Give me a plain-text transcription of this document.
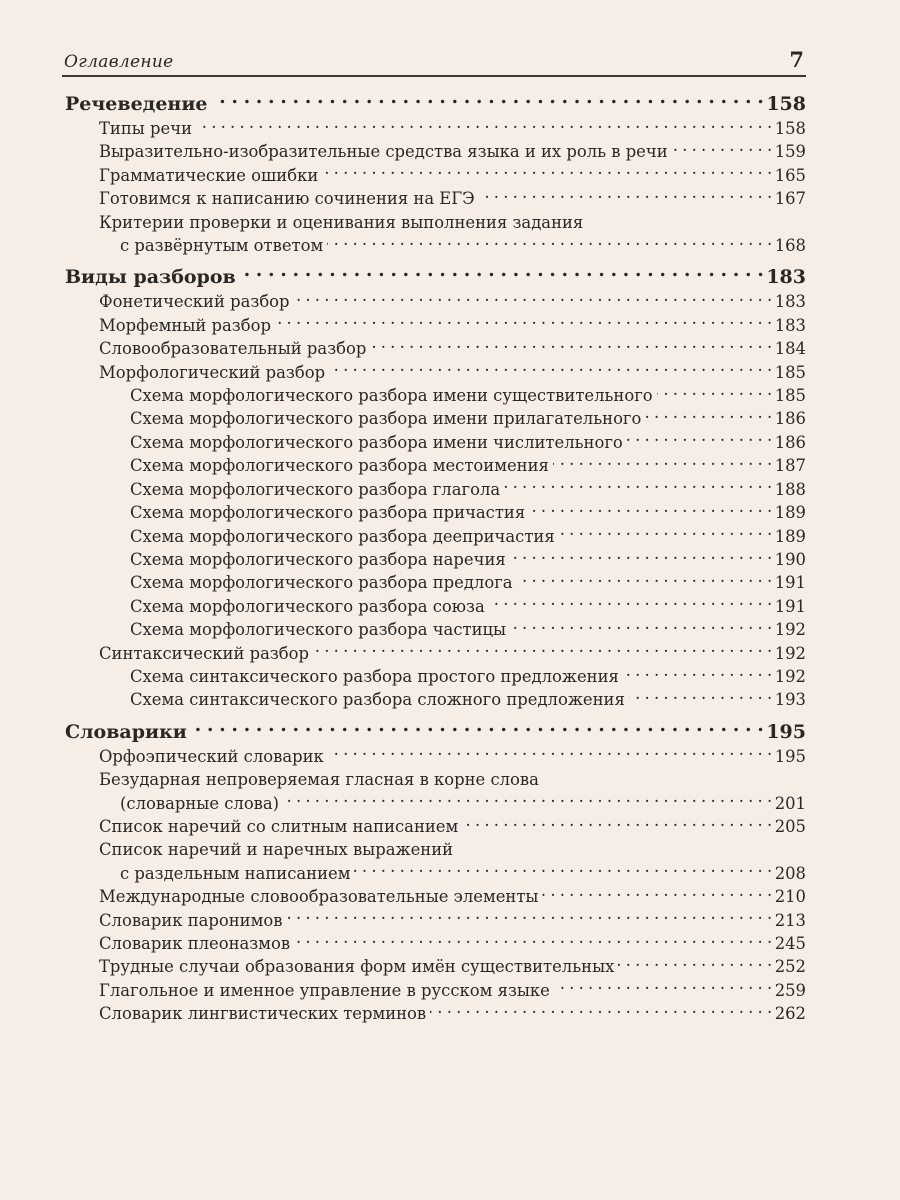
Оглавление	7
Речеведение . . .	158
Типы речи . . .	158
Выразительно-изобразительные средства языка и их роль в речи . . .	159
Грамматические ошибки . . .	165
Готовимся к написанию сочинения на ЕГЭ . . .	167
Критерии проверки и оценивания выполнения задания
с развёрнутым ответом . . .	168
Виды разборов . . .	183
Фонетический разбор . . .	183
Морфемный разбор . . .	183
Словообразовательный разбор . . .	184
Морфологический разбор . . .	185
Схема морфологического разбора имени существительного . . .	185
Схема морфологического разбора имени прилагательного . . .	186
Схема морфологического разбора имени числительного . . .	186
Схема морфологического разбора местоимения . . .	187
Схема морфологического разбора глагола . . .	188
Схема морфологического разбора причастия . . .	189
Схема морфологического разбора деепричастия . . .	189
Схема морфологического разбора наречия . . .	190
Схема морфологического разбора предлога . . .	191
Схема морфологического разбора союза . . .	191
Схема морфологического разбора частицы . . .	192
Синтаксический разбор . . .	192
Схема синтаксического разбора простого предложения . . .	192
Схема синтаксического разбора сложного предложения . . .	193
Словарики . . .	195
Орфоэпический словарик . . .	195
Безударная непроверяемая гласная в корне слова
(словарные слова) . . .	201
Список наречий со слитным написанием . . .	205
Список наречий и наречных выражений
с раздельным написанием . . .	208
Международные словообразовательные элементы . . .	210
Словарик паронимов . . .	213
Словарик плеоназмов . . .	245
Трудные случаи образования форм имён существительных . . .	252
Глагольное и именное управление в русском языке . . .	259
Словарик лингвистических терминов . . .	262
